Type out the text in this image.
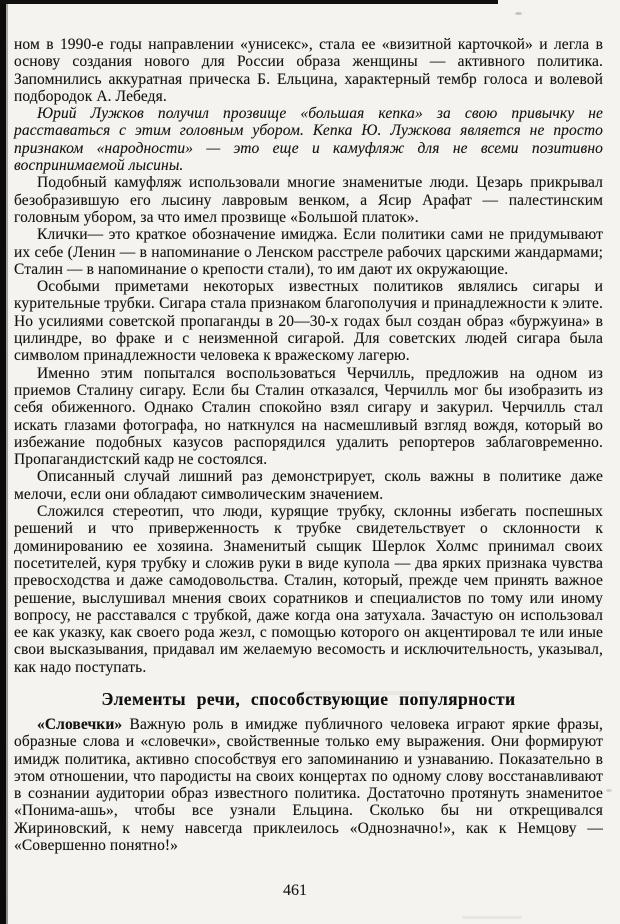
ном в 1990-е годы направлении «унисекс», стала ее «визитной карточкой» и легла в основу создания нового для России образа женщины — активного политика. Запомнились аккуратная прическа Б. Ельцина, характерный тембр голоса и волевой подбородок А. Лебедя.

Юрий Лужков получил прозвище «большая кепка» за свою привычку не расставаться с этим головным убором. Кепка Ю. Лужкова является не просто признаком «народности» — это еще и камуфляж для не всеми позитивно воспринимаемой лысины.

Подобный камуфляж использовали многие знаменитые люди. Цезарь прикрывал безобразившую его лысину лавровым венком, а Ясир Арафат — палестинским головным убором, за что имел прозвище «Большой платок».

Клички— это краткое обозначение имиджа. Если политики сами не придумывают их себе (Ленин — в напоминание о Ленском расстреле рабочих царскими жандармами; Сталин — в напоминание о крепости стали), то им дают их окружающие.

Особыми приметами некоторых известных политиков являлись сигары и курительные трубки. Сигара стала признаком благополучия и принадлежности к элите. Но усилиями советской пропаганды в 20—30-х годах был создан образ «буржуина» в цилиндре, во фраке и с неизменной сигарой. Для советских людей сигара была символом принадлежности человека к вражескому лагерю.

Именно этим попытался воспользоваться Черчилль, предложив на одном из приемов Сталину сигару. Если бы Сталин отказался, Черчилль мог бы изобразить из себя обиженного. Однако Сталин спокойно взял сигару и закурил. Черчилль стал искать глазами фотографа, но наткнулся на насмешливый взгляд вождя, который во избежание подобных казусов распорядился удалить репортеров заблаговременно. Пропагандистский кадр не состоялся.

Описанный случай лишний раз демонстрирует, сколь важны в политике даже мелочи, если они обладают символическим значением.

Сложился стереотип, что люди, курящие трубку, склонны избегать поспешных решений и что приверженность к трубке свидетельствует о склонности к доминированию ее хозяина. Знаменитый сыщик Шерлок Холмс принимал своих посетителей, куря трубку и сложив руки в виде купола — два ярких признака чувства превосходства и даже самодовольства. Сталин, который, прежде чем принять важное решение, выслушивал мнения своих соратников и специалистов по тому или иному вопросу, не расставался с трубкой, даже когда она затухала. Зачастую он использовал ее как указку, как своего рода жезл, с помощью которого он акцентировал те или иные свои высказывания, придавал им желаемую весомость и исключительность, указывал, как надо поступать.

Элементы речи, способствующие популярности

«Словечки» Важную роль в имидже публичного человека играют яркие фразы, образные слова и «словечки», свойственные только ему выражения. Они формируют имидж политика, активно способствуя его запоминанию и узнаванию. Показательно в этом отношении, что пародисты на своих концертах по одному слову восстанавливают в сознании аудитории образ известного политика. Достаточно протянуть знаменитое «Понима-ашь», чтобы все узнали Ельцина. Сколько бы ни открещивался Жириновский, к нему навсегда приклеилось «Однозначно!», как к Немцову — «Совершенно понятно!»

461
